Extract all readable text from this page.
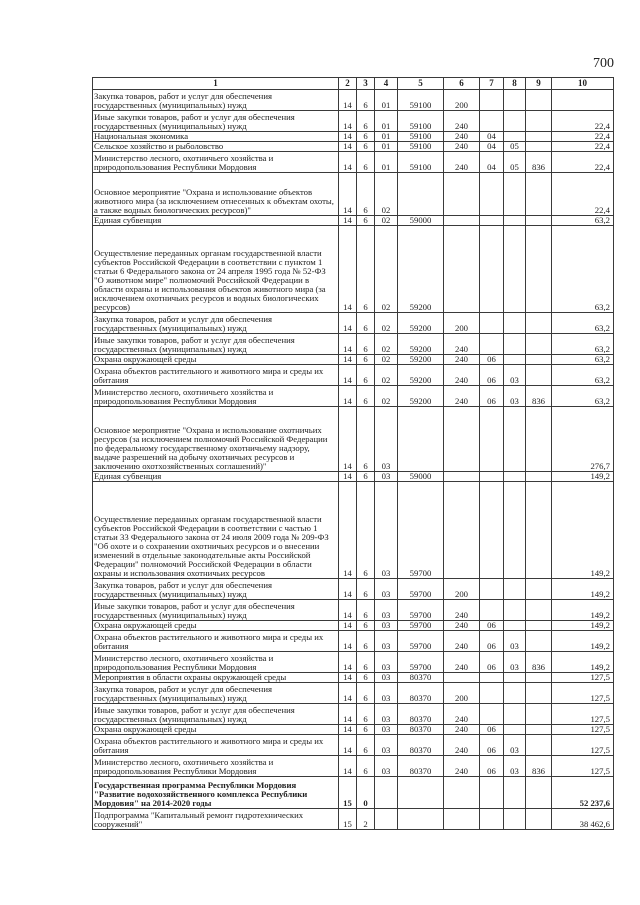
700
1	2	3	4	5	6	7	8	9	10
Закупка товаров, работ и услуг для обеспечения государственных (муниципальных) нужд	14	6	01	59100	200				
Иные закупки товаров, работ и услуг для обеспечения государственных (муниципальных) нужд	14	6	01	59100	240				22,4
Национальная экономика	14	6	01	59100	240	04			22,4
Сельское хозяйство и рыболовство	14	6	01	59100	240	04	05		22,4
Министерство лесного, охотничьего хозяйства и природопользования Республики Мордовия	14	6	01	59100	240	04	05	836	22,4
Основное мероприятие "Охрана и использование объектов животного мира (за исключением отнесенных к объектам охоты, а также водных биологических ресурсов)"	14	6	02						22,4
Единая субвенция	14	6	02	59000					63,2
Осуществление переданных органам государственной власти субъектов Российской Федерации в соответствии с пунктом 1 статьи 6 Федерального закона от 24 апреля 1995 года № 52-ФЗ "О животном мире" полномочий Российской Федерации в области охраны и использования объектов животного мира (за исключением охотничьих ресурсов и водных биологических ресурсов)	14	6	02	59200					63,2
Закупка товаров, работ и услуг для обеспечения государственных (муниципальных) нужд	14	6	02	59200	200				63,2
Иные закупки товаров, работ и услуг для обеспечения государственных (муниципальных) нужд	14	6	02	59200	240				63,2
Охрана окружающей среды	14	6	02	59200	240	06			63,2
Охрана объектов растительного и животного мира и среды их обитания	14	6	02	59200	240	06	03		63,2
Министерство лесного, охотничьего хозяйства и природопользования Республики Мордовия	14	6	02	59200	240	06	03	836	63,2
Основное мероприятие "Охрана и использование охотничьих ресурсов (за исключением полномочий Российской Федерации по федеральному государственному охотничьему надзору, выдаче разрешений на добычу охотничьих ресурсов и заключению охотхозяйственных соглашений)"	14	6	03						276,7
Единая субвенция	14	6	03	59000					149,2
Осуществление переданных органам государственной власти субъектов Российской Федерации в соответствии с частью 1 статьи 33 Федерального закона от 24 июля 2009 года № 209-ФЗ "Об охоте и о сохранении охотничьих ресурсов и о внесении изменений в отдельные законодательные акты Российской Федерации" полномочий Российской Федерации в области охраны и использования охотничьих ресурсов	14	6	03	59700					149,2
Закупка товаров, работ и услуг для обеспечения государственных (муниципальных) нужд	14	6	03	59700	200				149,2
Иные закупки товаров, работ и услуг для обеспечения государственных (муниципальных) нужд	14	6	03	59700	240				149,2
Охрана окружающей среды	14	6	03	59700	240	06			149,2
Охрана объектов растительного и животного мира и среды их обитания	14	6	03	59700	240	06	03		149,2
Министерство лесного, охотничьего хозяйства и природопользования Республики Мордовия	14	6	03	59700	240	06	03	836	149,2
Мероприятия в области охраны окружающей среды	14	6	03	80370					127,5
Закупка товаров, работ и услуг для обеспечения государственных (муниципальных) нужд	14	6	03	80370	200				127,5
Иные закупки товаров, работ и услуг для обеспечения государственных (муниципальных) нужд	14	6	03	80370	240				127,5
Охрана окружающей среды	14	6	03	80370	240	06			127,5
Охрана объектов растительного и животного мира и среды их обитания	14	6	03	80370	240	06	03		127,5
Министерство лесного, охотничьего хозяйства и природопользования Республики Мордовия	14	6	03	80370	240	06	03	836	127,5
Государственная программа Республики Мордовия "Развитие водохозяйственного комплекса Республики Мордовия" на 2014-2020 годы	15	0							52 237,6
Подпрограмма "Капитальный ремонт гидротехнических сооружений"	15	2							38 462,6
